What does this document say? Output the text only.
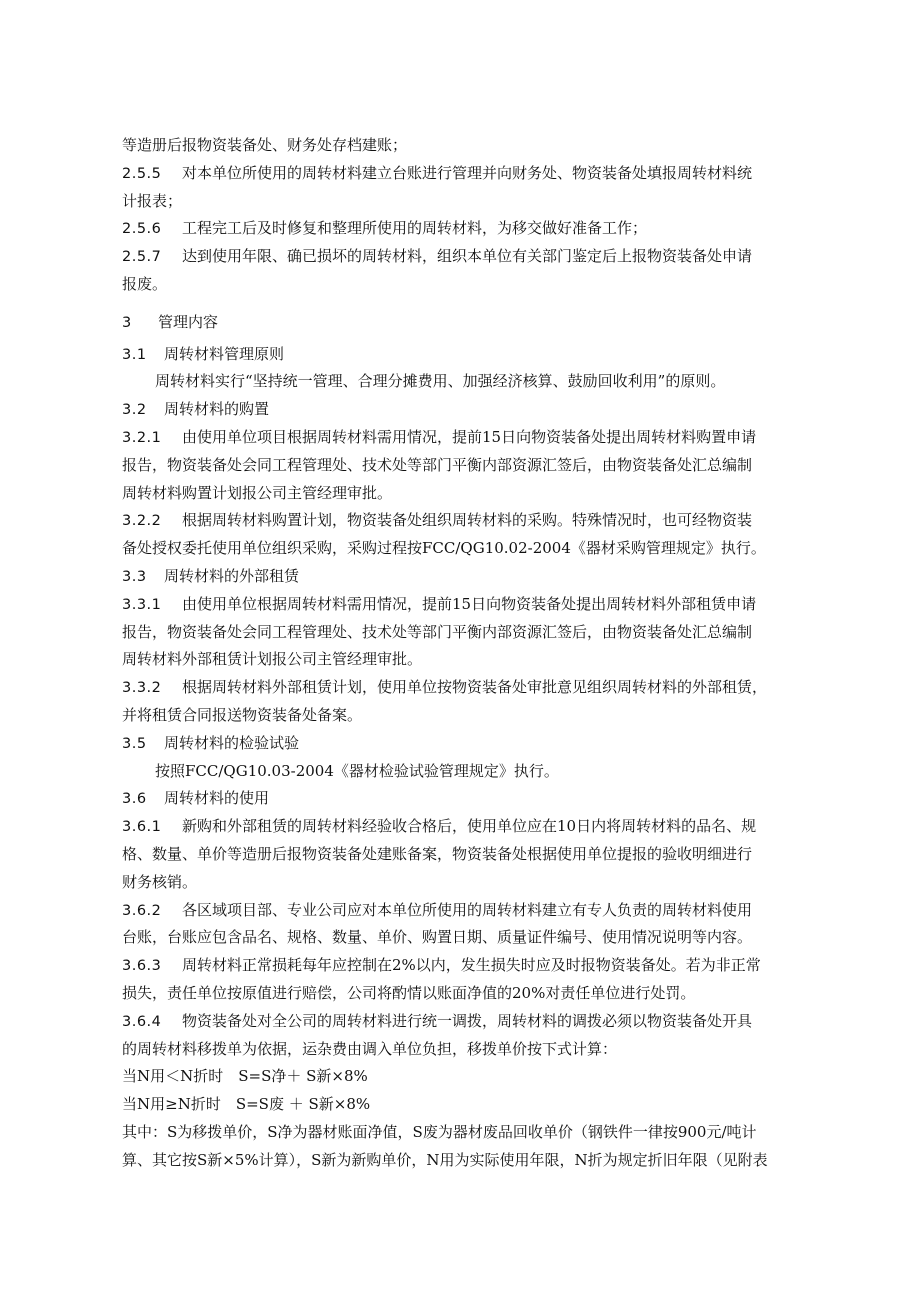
等造册后报物资装备处、财务处存档建账；
2.5.5 对本单位所使用的周转材料建立台账进行管理并向财务处、物资装备处填报周转材料统
计报表；
2.5.6 工程完工后及时修复和整理所使用的周转材料，为移交做好准备工作；
2.5.7 达到使用年限、确已损坏的周转材料，组织本单位有关部门鉴定后上报物资装备处申请
报废。
3 管理内容
3.1 周转材料管理原则
周转材料实行“坚持统一管理、合理分摊费用、加强经济核算、鼓励回收利用”的原则。
3.2 周转材料的购置
3.2.1 由使用单位项目根据周转材料需用情况，提前15日向物资装备处提出周转材料购置申请
报告，物资装备处会同工程管理处、技术处等部门平衡内部资源汇签后，由物资装备处汇总编制
周转材料购置计划报公司主管经理审批。
3.2.2 根据周转材料购置计划，物资装备处组织周转材料的采购。特殊情况时，也可经物资装
备处授权委托使用单位组织采购，采购过程按FCC/QG10.02-2004《器材采购管理规定》执行。
3.3 周转材料的外部租赁
3.3.1 由使用单位根据周转材料需用情况，提前15日向物资装备处提出周转材料外部租赁申请
报告，物资装备处会同工程管理处、技术处等部门平衡内部资源汇签后，由物资装备处汇总编制
周转材料外部租赁计划报公司主管经理审批。
3.3.2 根据周转材料外部租赁计划，使用单位按物资装备处审批意见组织周转材料的外部租赁，
并将租赁合同报送物资装备处备案。
3.5 周转材料的检验试验
按照FCC/QG10.03-2004《器材检验试验管理规定》执行。
3.6 周转材料的使用
3.6.1 新购和外部租赁的周转材料经验收合格后，使用单位应在10日内将周转材料的品名、规
格、数量、单价等造册后报物资装备处建账备案，物资装备处根据使用单位提报的验收明细进行
财务核销。
3.6.2 各区域项目部、专业公司应对本单位所使用的周转材料建立有专人负责的周转材料使用
台账，台账应包含品名、规格、数量、单价、购置日期、质量证件编号、使用情况说明等内容。
3.6.3 周转材料正常损耗每年应控制在2%以内，发生损失时应及时报物资装备处。若为非正常
损失，责任单位按原值进行赔偿，公司将酌情以账面净值的20%对责任单位进行处罚。
3.6.4 物资装备处对全公司的周转材料进行统一调拨，周转材料的调拨必须以物资装备处开具
的周转材料移拨单为依据，运杂费由调入单位负担，移拨单价按下式计算：
当N用＜N折时　S=S净＋ S新×8%
当N用≥N折时　S=S废 ＋ S新×8%
其中：S为移拨单价，S净为器材账面净值，S废为器材废品回收单价（钢铁件一律按900元/吨计
算、其它按S新×5%计算），S新为新购单价，N用为实际使用年限，N折为规定折旧年限（见附表
